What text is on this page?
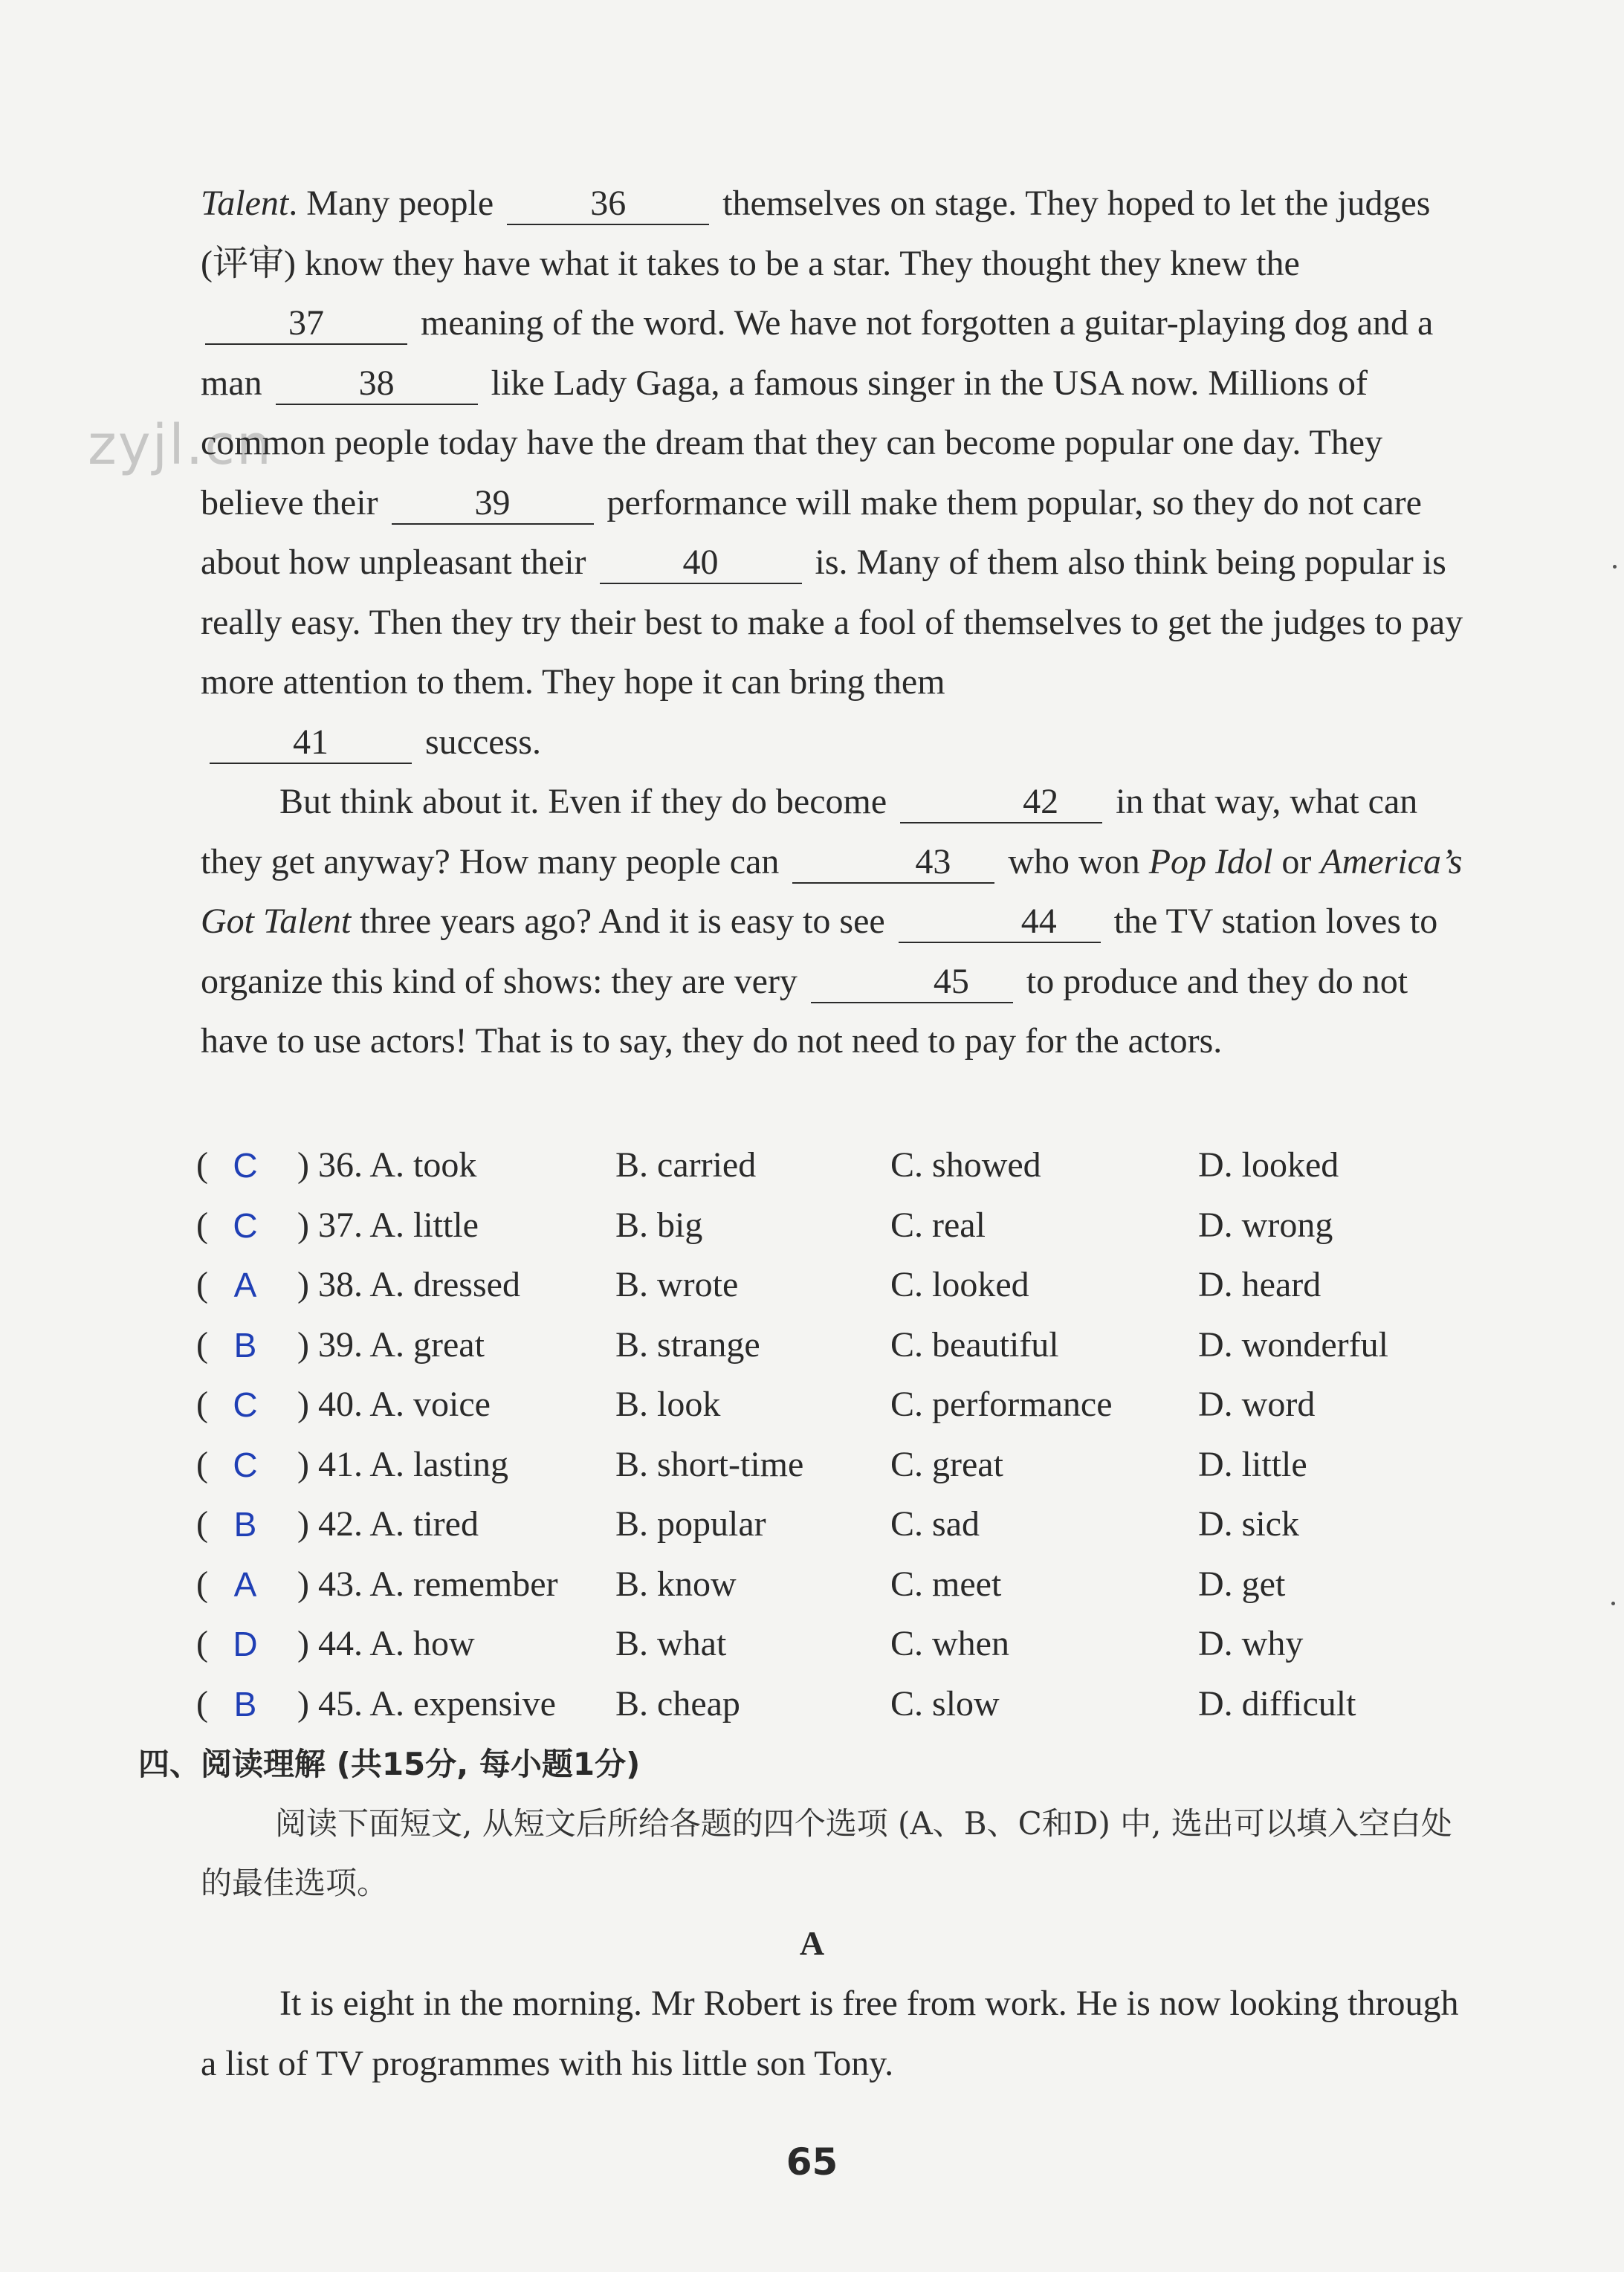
zyjl.cn

Talent. Many people	36	themselves on stage. They hoped to let the judges (评审) know they have what it takes to be a star. They thought they knew the 37	meaning of the word. We have not forgotten a guitar-playing dog and a man	38	like Lady Gaga, a famous singer in the USA now. Millions of common people today have the dream that they can become popular one day. They believe their	39	performance will make them popular, so they do not care about how unpleasant their	40	is. Many of them also think being popular is really easy. Then they try their best to make a fool of themselves to get the judges to pay more attention to them. They hope it can bring them
41	success.

But think about it. Even if they do become	42 in that way, what can they get anyway? How many people can	43 who won Pop Idol or America’s Got Talent three years ago? And it is easy to see	44 the TV station loves to organize this kind of shows: they are very	45 to produce and they do not have to use actors! That is to say, they do not need to pay for the actors.

( C ) 36. A. took	B. carried	C. showed	D. looked
( C ) 37. A. little	B. big	C. real	D. wrong
( A ) 38. A. dressed	B. wrote	C. looked	D. heard
( B ) 39. A. great	B. strange	C. beautiful	D. wonderful
( C ) 40. A. voice	B. look	C. performance D. word
( C ) 41. A. lasting	B. short-time C. great	D. little
( B ) 42. A. tired	B. popular	C. sad	D. sick
( A ) 43. A. remember B. know	C. meet	D. get
( D ) 44. A. how	B. what	C. when	D. why
( B ) 45. A. expensive B. cheap	C. slow	D. difficult
四、阅读理解 (共15分, 每小题1分)
阅读下面短文, 从短文后所给各题的四个选项 (A、B、C和D) 中, 选出可以填入空白处的最佳选项。
A

It is eight in the morning. Mr Robert is free from work. He is now looking through a list of TV programmes with his little son Tony.

65
